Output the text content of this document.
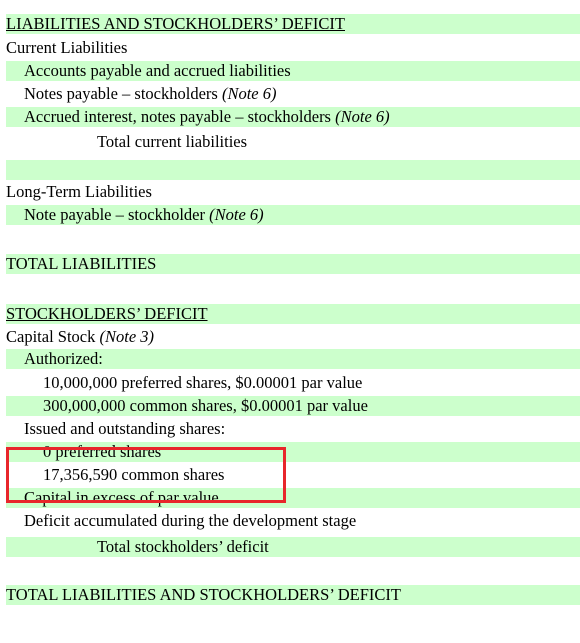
LIABILITIES AND STOCKHOLDERS’ DEFICIT
Current Liabilities
Accounts payable and accrued liabilities
Notes payable – stockholders (Note 6)
Accrued interest, notes payable – stockholders (Note 6)
Total current liabilities

Long-Term Liabilities
Note payable – stockholder (Note 6)
TOTAL LIABILITIES
STOCKHOLDERS’ DEFICIT
Capital Stock (Note 3)
Authorized:
10,000,000 preferred shares, $0.00001 par value
300,000,000 common shares, $0.00001 par value
Issued and outstanding shares:
0 preferred shares
17,356,590 common shares
Capital in excess of par value
Deficit accumulated during the development stage
Total stockholders’ deficit
TOTAL LIABILITIES AND STOCKHOLDERS’ DEFICIT
